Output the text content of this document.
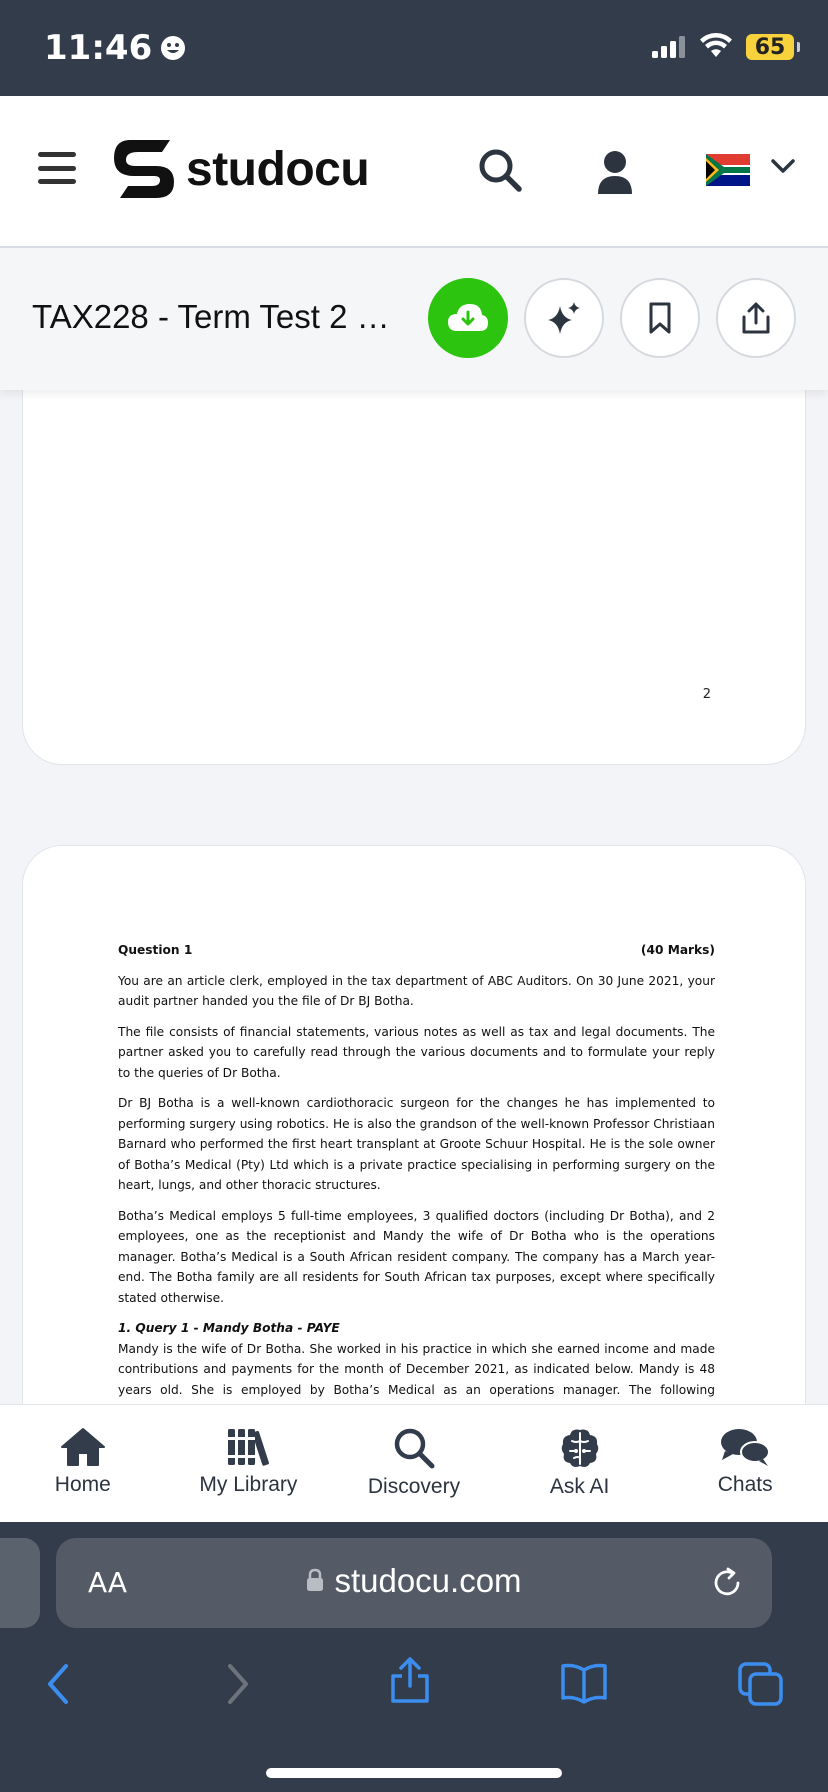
11:46	65
studocu
TAX228 - Term Test 2 …
2
Question 1	(40 Marks)

You are an article clerk, employed in the tax department of ABC Auditors. On 30 June 2021, your audit partner handed you the file of Dr BJ Botha.

The file consists of financial statements, various notes as well as tax and legal documents. The partner asked you to carefully read through the various documents and to formulate your reply to the queries of Dr Botha.

Dr BJ Botha is a well-known cardiothoracic surgeon for the changes he has implemented to performing surgery using robotics. He is also the grandson of the well-known Professor Christiaan Barnard who performed the first heart transplant at Groote Schuur Hospital. He is the sole owner of Botha’s Medical (Pty) Ltd which is a private practice specialising in performing surgery on the heart, lungs, and other thoracic structures.

Botha’s Medical employs 5 full-time employees, 3 qualified doctors (including Dr Botha), and 2 employees, one as the receptionist and Mandy the wife of Dr Botha who is the operations manager. Botha’s Medical is a South African resident company. The company has a March year-end. The Botha family are all residents for South African tax purposes, except where specifically stated otherwise.

1. Query 1 - Mandy Botha - PAYE

Mandy is the wife of Dr Botha. She worked in his practice in which she earned income and made contributions and payments for the month of December 2021, as indicated below. Mandy is 48 years old. She is employed by Botha’s Medical as an operations manager. The following

Home	My Library	Discovery	Ask AI	Chats
AA	studocu.com
